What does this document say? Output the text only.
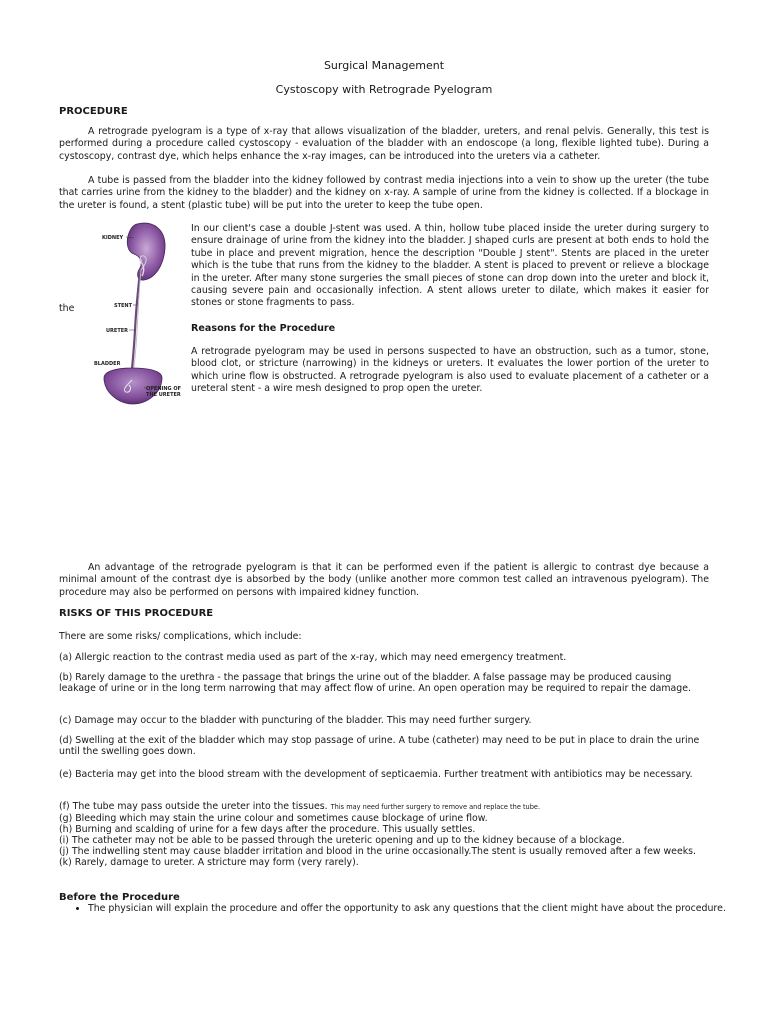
Surgical Management
Cystoscopy with Retrograde Pyelogram
PROCEDURE
A retrograde pyelogram is a type of x-ray that allows visualization of the bladder, ureters, and renal pelvis. Generally, this test is performed during a procedure called cystoscopy - evaluation of the bladder with an endoscope (a long, flexible lighted tube). During a cystoscopy, contrast dye, which helps enhance the x-ray images, can be introduced into the ureters via a catheter.
A tube is passed from the bladder into the kidney followed by contrast media injections into a vein to show up the ureter (the tube that carries urine from the kidney to the bladder) and the kidney on x-ray. A sample of urine from the kidney is collected. If a blockage in the ureter is found, a stent (plastic tube) will be put into the ureter to keep the tube open.
KIDNEY
STENT
URETER
BLADDER
OPENING OF
THE URETER
the
In our client's case a double J-stent was used. A thin, hollow tube placed inside the ureter during surgery to ensure drainage of urine from the kidney into the bladder. J shaped curls are present at both ends to hold the tube in place and prevent migration, hence the description "Double J stent". Stents are placed in the ureter which is the tube that runs from the kidney to the bladder. A stent is placed to prevent or relieve a blockage in the ureter. After many stone surgeries the small pieces of stone can drop down into the ureter and block it, causing severe pain and occasionally infection. A stent allows ureter to dilate, which makes it easier for stones or stone fragments to pass.
Reasons for the Procedure
A retrograde pyelogram may be used in persons suspected to have an obstruction, such as a tumor, stone, blood clot, or stricture (narrowing) in the kidneys or ureters. It evaluates the lower portion of the ureter to which urine flow is obstructed. A retrograde pyelogram is also used to evaluate placement of a catheter or a ureteral stent - a wire mesh designed to prop open the ureter.
An advantage of the retrograde pyelogram is that it can be performed even if the patient is allergic to contrast dye because a minimal amount of the contrast dye is absorbed by the body (unlike another more common test called an intravenous pyelogram). The procedure may also be performed on persons with impaired kidney function.
RISKS OF THIS PROCEDURE
There are some risks/ complications, which include:
(a) Allergic reaction to the contrast media used as part of the x-ray, which may need emergency treatment.
(b) Rarely damage to the urethra - the passage that brings the urine out of the bladder. A false passage may be produced causing leakage of urine or in the long term narrowing that may affect flow of urine. An open operation may be required to repair the damage.
(c) Damage may occur to the bladder with puncturing of the bladder. This may need further surgery.
(d) Swelling at the exit of the bladder which may stop passage of urine. A tube (catheter) may need to be put in place to drain the urine until the swelling goes down.
(e) Bacteria may get into the blood stream with the development of septicaemia. Further treatment with antibiotics may be necessary.

(f) The tube may pass outside the ureter into the tissues. This may need further surgery to remove and replace the tube.

(g) Bleeding which may stain the urine colour and sometimes cause blockage of urine flow.

(h) Burning and scalding of urine for a few days after the procedure. This usually settles.

(i) The catheter may not be able to be passed through the ureteric opening and up to the kidney because of a blockage.

(j) The indwelling stent may cause bladder irritation and blood in the urine occasionally.The stent is usually removed after a few weeks.

(k) Rarely, damage to ureter. A stricture may form (very rarely).

Before the Procedure
• The physician will explain the procedure and offer the opportunity to ask any questions that the client might have about the procedure.
